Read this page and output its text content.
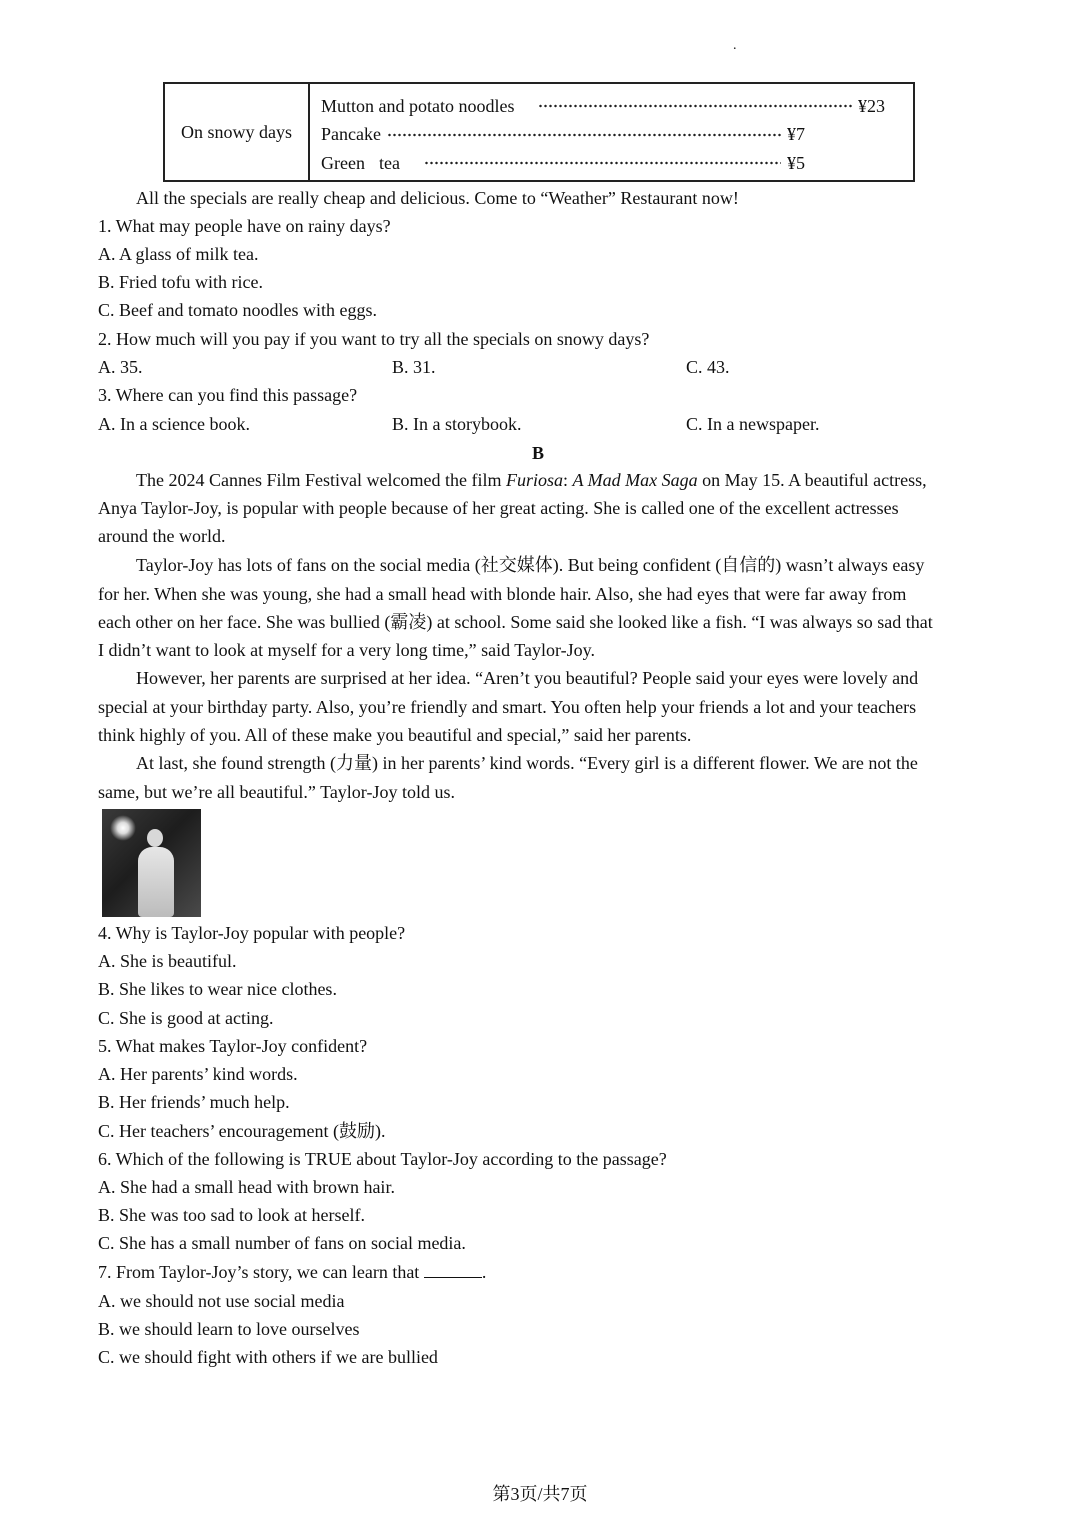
.
On snowy days
Mutton and potato noodles	¥23
Pancake	¥7
Green tea	¥5
All the specials are really cheap and delicious. Come to “Weather” Restaurant now!
1. What may people have on rainy days?
A. A glass of milk tea.
B. Fried tofu with rice.
C. Beef and tomato noodles with eggs.
2. How much will you pay if you want to try all the specials on snowy days?
A. 35.	B. 31.	C. 43.
3. Where can you find this passage?
A. In a science book.	B. In a storybook.	C. In a newspaper.
B
The 2024 Cannes Film Festival welcomed the film Furiosa: A Mad Max Saga on May 15. A beautiful actress,
Anya Taylor-Joy, is popular with people because of her great acting. She is called one of the excellent actresses
around the world.
Taylor-Joy has lots of fans on the social media (社交媒体). But being confident (自信的) wasn’t always easy
for her. When she was young, she had a small head with blonde hair. Also, she had eyes that were far away from
each other on her face. She was bullied (霸凌) at school. Some said she looked like a fish. “I was always so sad that
I didn’t want to look at myself for a very long time,” said Taylor-Joy.
However, her parents are surprised at her idea. “Aren’t you beautiful? People said your eyes were lovely and
special at your birthday party. Also, you’re friendly and smart. You often help your friends a lot and your teachers
think highly of you. All of these make you beautiful and special,” said her parents.
At last, she found strength (力量) in her parents’ kind words. “Every girl is a different flower. We are not the
same, but we’re all beautiful.” Taylor-Joy told us.
4. Why is Taylor-Joy popular with people?
A. She is beautiful.
B. She likes to wear nice clothes.
C. She is good at acting.
5. What makes Taylor-Joy confident?
A. Her parents’ kind words.
B. Her friends’ much help.
C. Her teachers’ encouragement (鼓励).
6. Which of the following is TRUE about Taylor-Joy according to the passage?
A. She had a small head with brown hair.
B. She was too sad to look at herself.
C. She has a small number of fans on social media.
7. From Taylor-Joy’s story, we can learn that	.
A. we should not use social media
B. we should learn to love ourselves
C. we should fight with others if we are bullied
第3页/共7页
